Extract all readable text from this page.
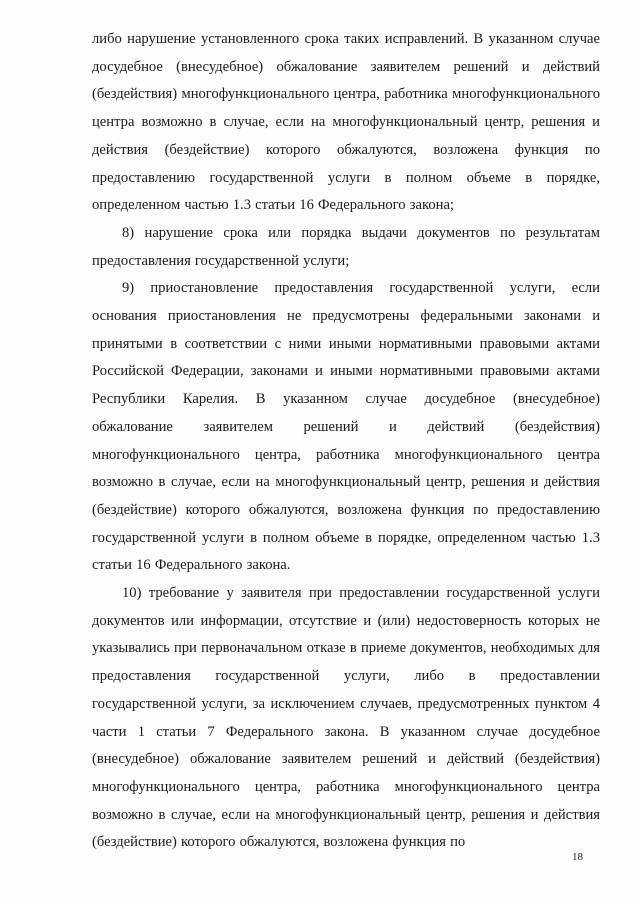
либо нарушение установленного срока таких исправлений. В указанном случае досудебное (внесудебное) обжалование заявителем решений и действий (бездействия) многофункционального центра, работника многофункционального центра возможно в случае, если на многофункциональный центр, решения и действия (бездействие) которого обжалуются, возложена функция по предоставлению государственной услуги в полном объеме в порядке, определенном частью 1.3 статьи 16 Федерального закона;

8) нарушение срока или порядка выдачи документов по результатам предоставления государственной услуги;

9) приостановление предоставления государственной услуги, если основания приостановления не предусмотрены федеральными законами и принятыми в соответствии с ними иными нормативными правовыми актами Российской Федерации, законами и иными нормативными правовыми актами Республики Карелия. В указанном случае досудебное (внесудебное) обжалование заявителем решений и действий (бездействия) многофункционального центра, работника многофункционального центра возможно в случае, если на многофункциональный центр, решения и действия (бездействие) которого обжалуются, возложена функция по предоставлению государственной услуги в полном объеме в порядке, определенном частью 1.3 статьи 16 Федерального закона.

10) требование у заявителя при предоставлении государственной услуги документов или информации, отсутствие и (или) недостоверность которых не указывались при первоначальном отказе в приеме документов, необходимых для предоставления государственной услуги, либо в предоставлении государственной услуги, за исключением случаев, предусмотренных пунктом 4 части 1 статьи 7 Федерального закона. В указанном случае досудебное (внесудебное) обжалование заявителем решений и действий (бездействия) многофункционального центра, работника многофункционального центра возможно в случае, если на многофункциональный центр, решения и действия (бездействие) которого обжалуются, возложена функция по

18
